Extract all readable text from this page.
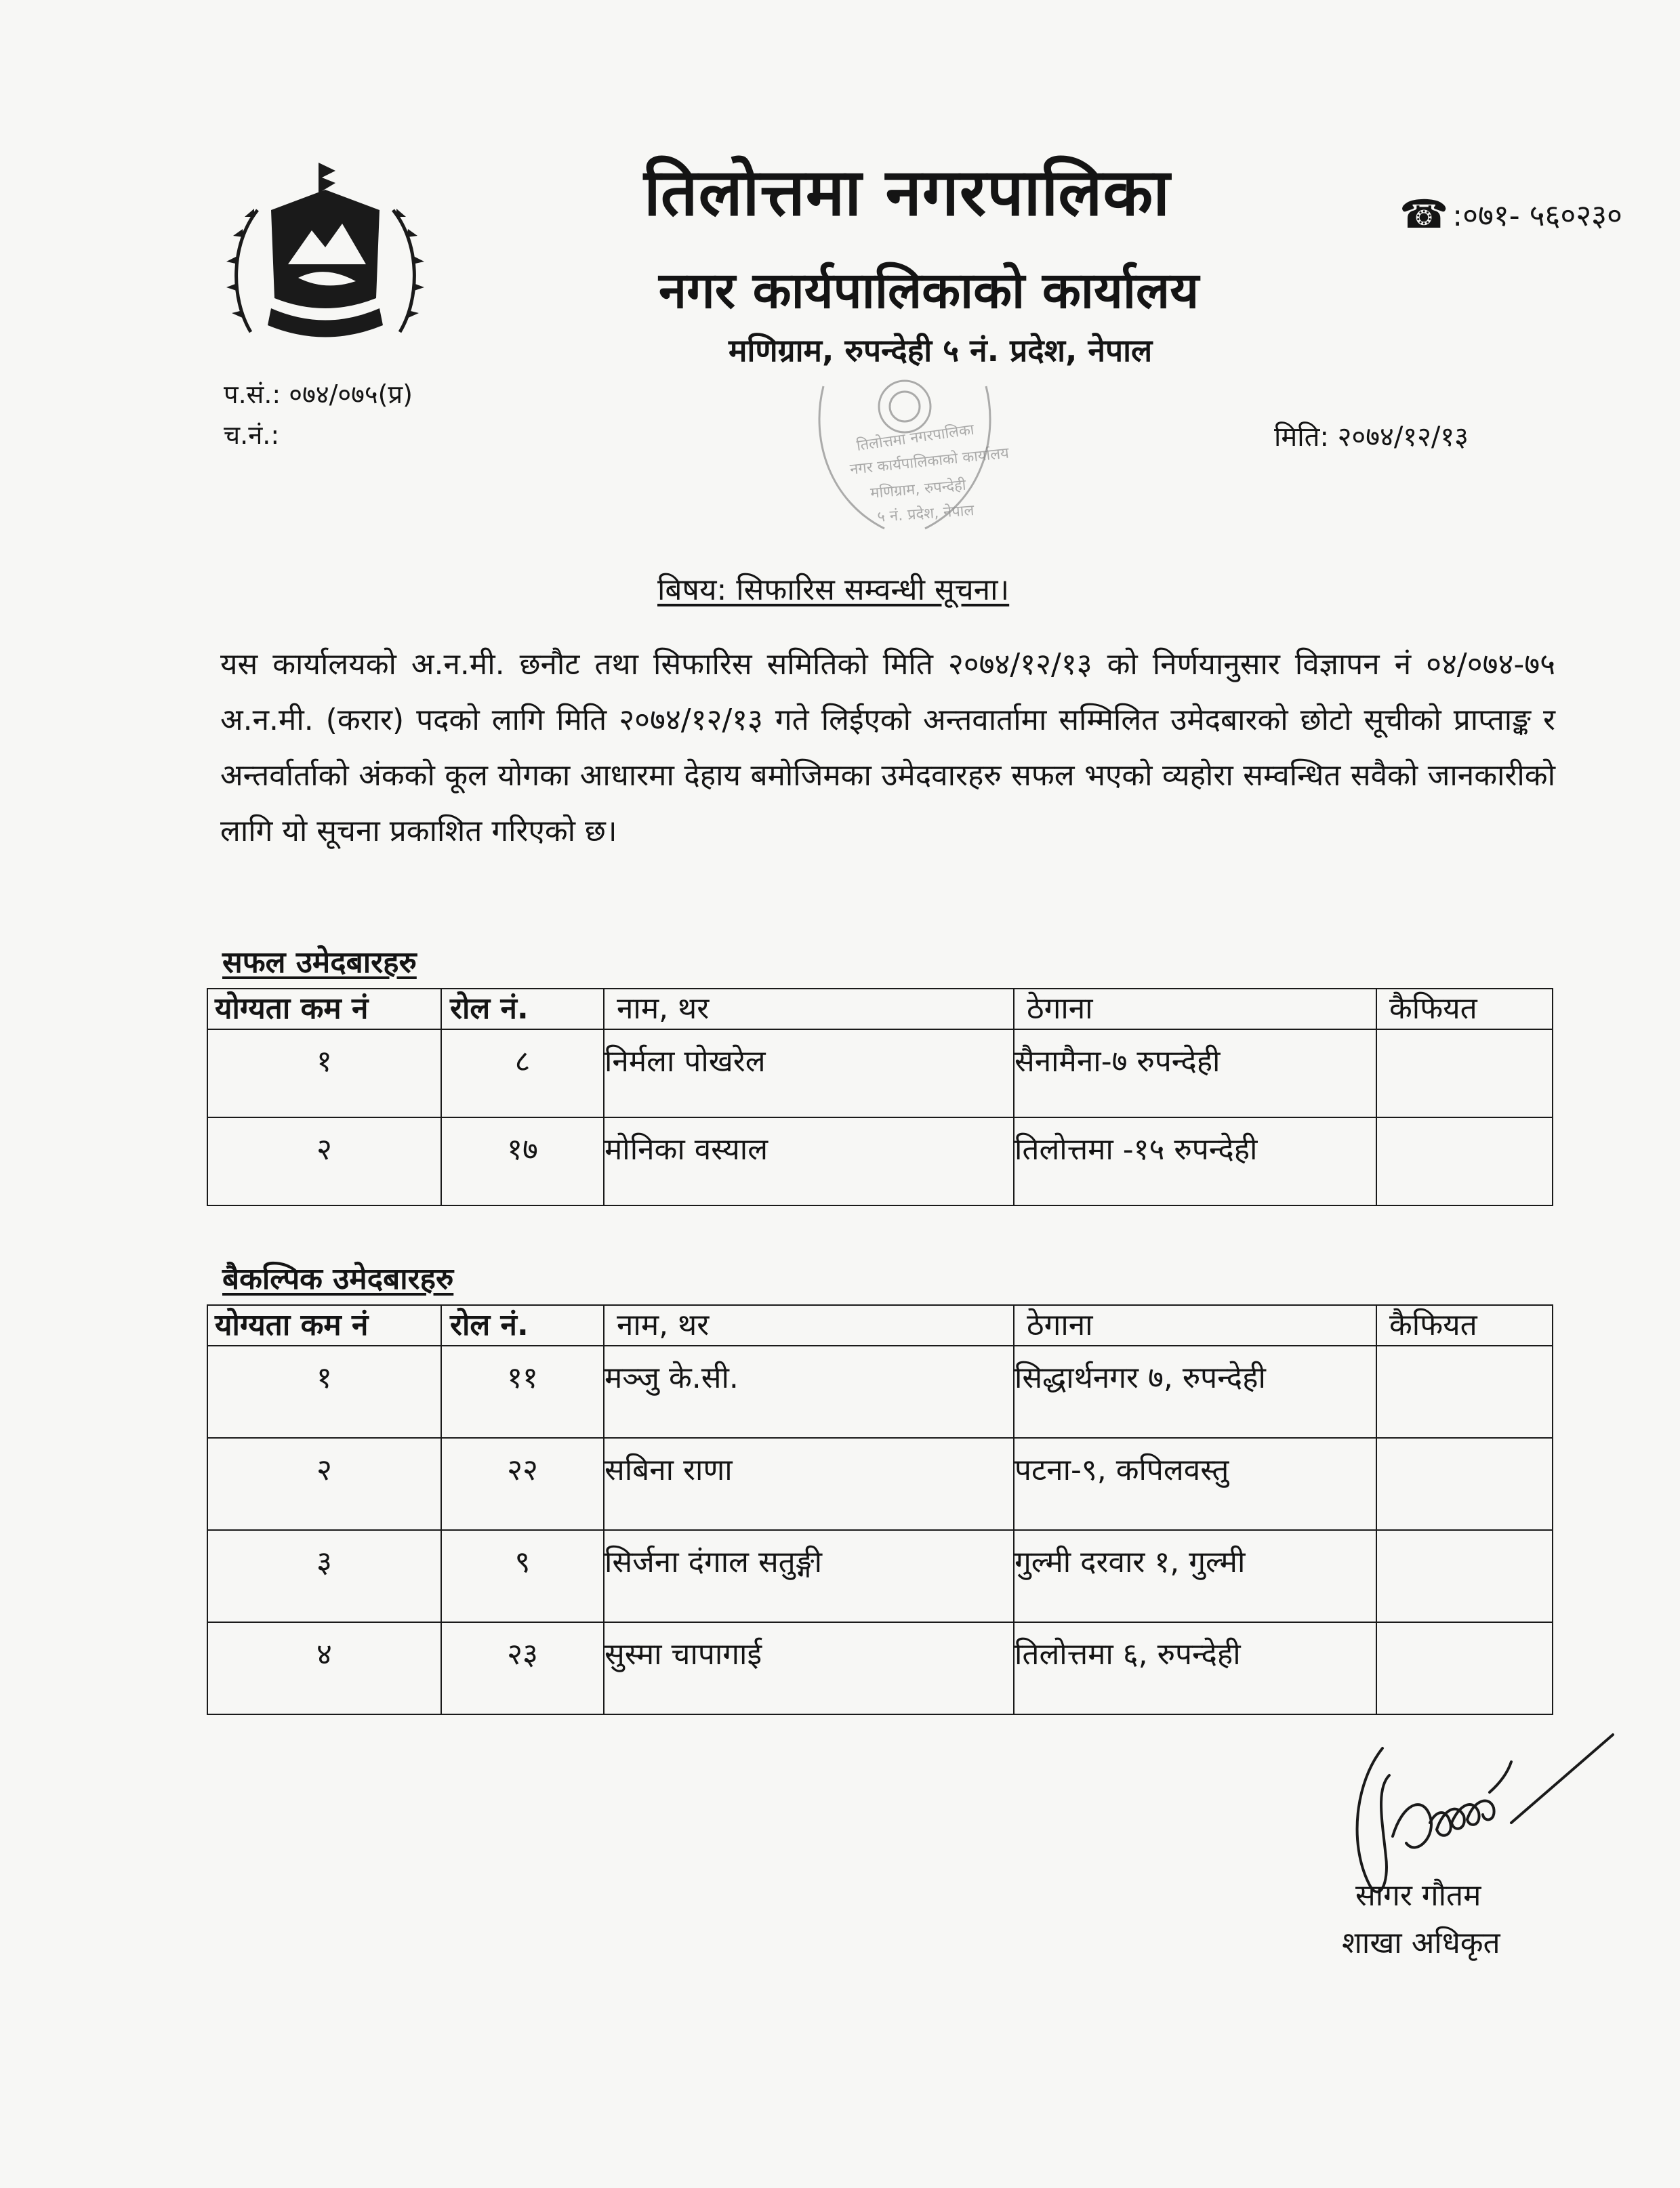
तिलोत्तमा नगरपालिका
नगर कार्यपालिकाको कार्यालय
मणिग्राम, रुपन्देही ५ नं. प्रदेश, नेपाल
☎ :०७१- ५६०२३०
प.सं.: ०७४/०७५(प्र)
च.नं.:	मिति: २०७४/१२/१३
तिलोत्तमा नगरपालिका
नगर कार्यपालिकाको कार्यालय
मणिग्राम, रुपन्देही
५ नं. प्रदेश, नेपाल
बिषय: सिफारिस सम्वन्धी सूचना।
यस कार्यालयको अ.न.मी. छनौट तथा सिफारिस समितिको मिति २०७४/१२/१३ को निर्णयानुसार विज्ञापन नं ०४/०७४-७५ अ.न.मी. (करार) पदको लागि मिति २०७४/१२/१३ गते लिईएको अन्तवार्तामा सम्मिलित उमेदबारको छोटो सूचीको प्राप्ताङ्क र अन्तर्वार्ताको अंकको कूल योगका आधारमा देहाय बमोजिमका उमेदवारहरु सफल भएको व्यहोरा सम्वन्धित सवैको जानकारीको लागि यो सूचना प्रकाशित गरिएको छ।
सफल उमेदबारहरु
योग्यता कम नं	रोल नं.	नाम, थर	ठेगाना	कैफियत
१	८	निर्मला पोखरेल	सैनामैना-७ रुपन्देही	
२	१७	मोनिका वस्याल	तिलोत्तमा -१५ रुपन्देही	
बैकल्पिक उमेदबारहरु
योग्यता कम नं	रोल नं.	नाम, थर	ठेगाना	कैफियत
१	११	मञ्जु के.सी.	सिद्धार्थनगर ७, रुपन्देही	
२	२२	सबिना राणा	पटना-९, कपिलवस्तु	
३	९	सिर्जना दंगाल सतुङ्गी	गुल्मी दरवार १, गुल्मी	
४	२३	सुस्मा चापागाई	तिलोत्तमा ६, रुपन्देही	
सागर गौतम
शाखा अधिकृत
